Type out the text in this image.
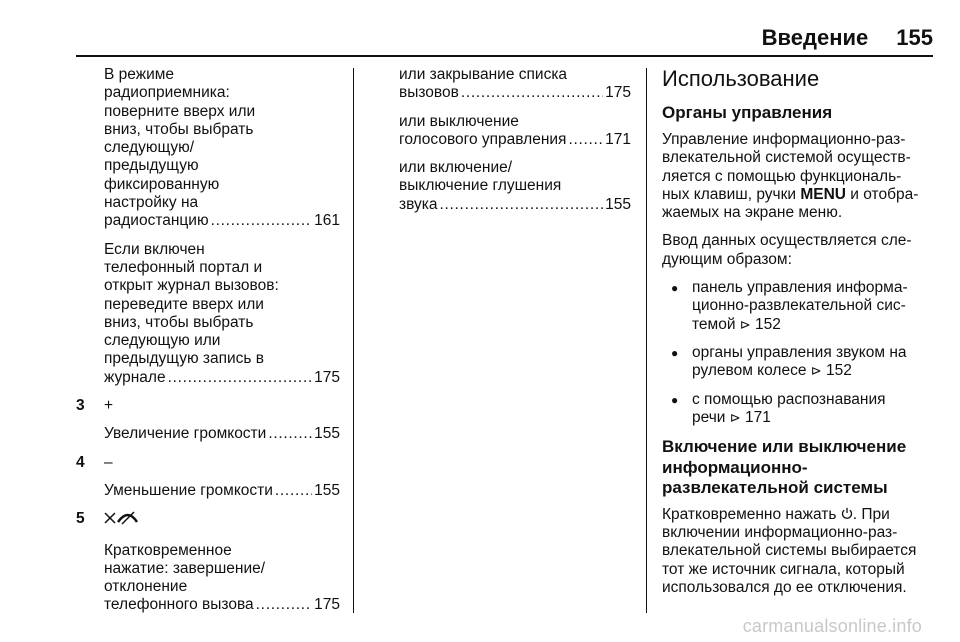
Введение 155
В режиме
радиоприемника:
поверните вверх или
вниз, чтобы выбрать
следующую/
предыдущую
фиксированную
настройку на
радиостанцию . . .	161
Если включен
телефонный портал и
открыт журнал вызовов:
переведите вверх или
вниз, чтобы выбрать
следующую или
предыдущую запись в
журнале . . .	175
3 +
Увеличение громкости . . .	155
4 –
Уменьшение громкости . . .	155
5
Кратковременное
нажатие: завершение/
отклонение
телефонного вызова . . .	175
или закрывание списка
вызовов . . .	175
или выключение
голосового управления . . . 171
или включение/
выключение глушения
звука . . .	155
Использование
Органы управления
Управление информационно-раз-
влекательной системой осуществ-
ляется с помощью функциональ-
ных клавиш, ручки MENU и отобра-
жаемых на экране меню.
Ввод данных осуществляется сле-
дующим образом:
● панель управления информа-
ционно-развлекательной сис-
темой ⊳ 152
● органы управления звуком на
рулевом колесе ⊳ 152
● с помощью распознавания
речи ⊳ 171
Включение или выключение
информационно-
развлекательной системы
Кратковременно нажать . При
включении информационно-раз-
влекательной системы выбирается
тот же источник сигнала, который
использовался до ее отключения.
carmanualsonline.info
